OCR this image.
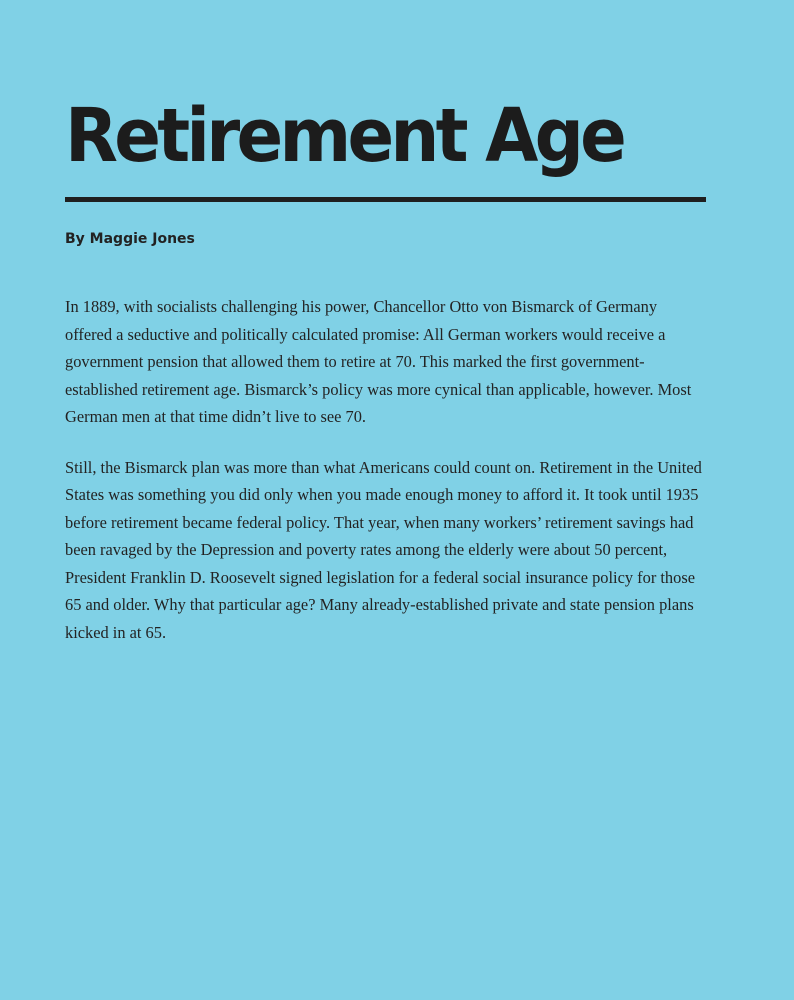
Retirement Age
By Maggie Jones

In 1889, with socialists challenging his power, Chancellor Otto von Bismarck of Germany offered a seductive and politically calculated promise: All German workers would receive a government pension that allowed them to retire at 70. This marked the first government-established retirement age. Bismarck’s policy was more cynical than applicable, however. Most German men at that time didn’t live to see 70.

Still, the Bismarck plan was more than what Americans could count on. Retirement in the United States was something you did only when you made enough money to afford it. It took until 1935 before retirement became federal policy. That year, when many workers’ retirement savings had been ravaged by the Depression and poverty rates among the elderly were about 50 percent, President Franklin D. Roosevelt signed legislation for a federal social insurance policy for those 65 and older. Why that particular age? Many already-established private and state pension plans kicked in at 65.
